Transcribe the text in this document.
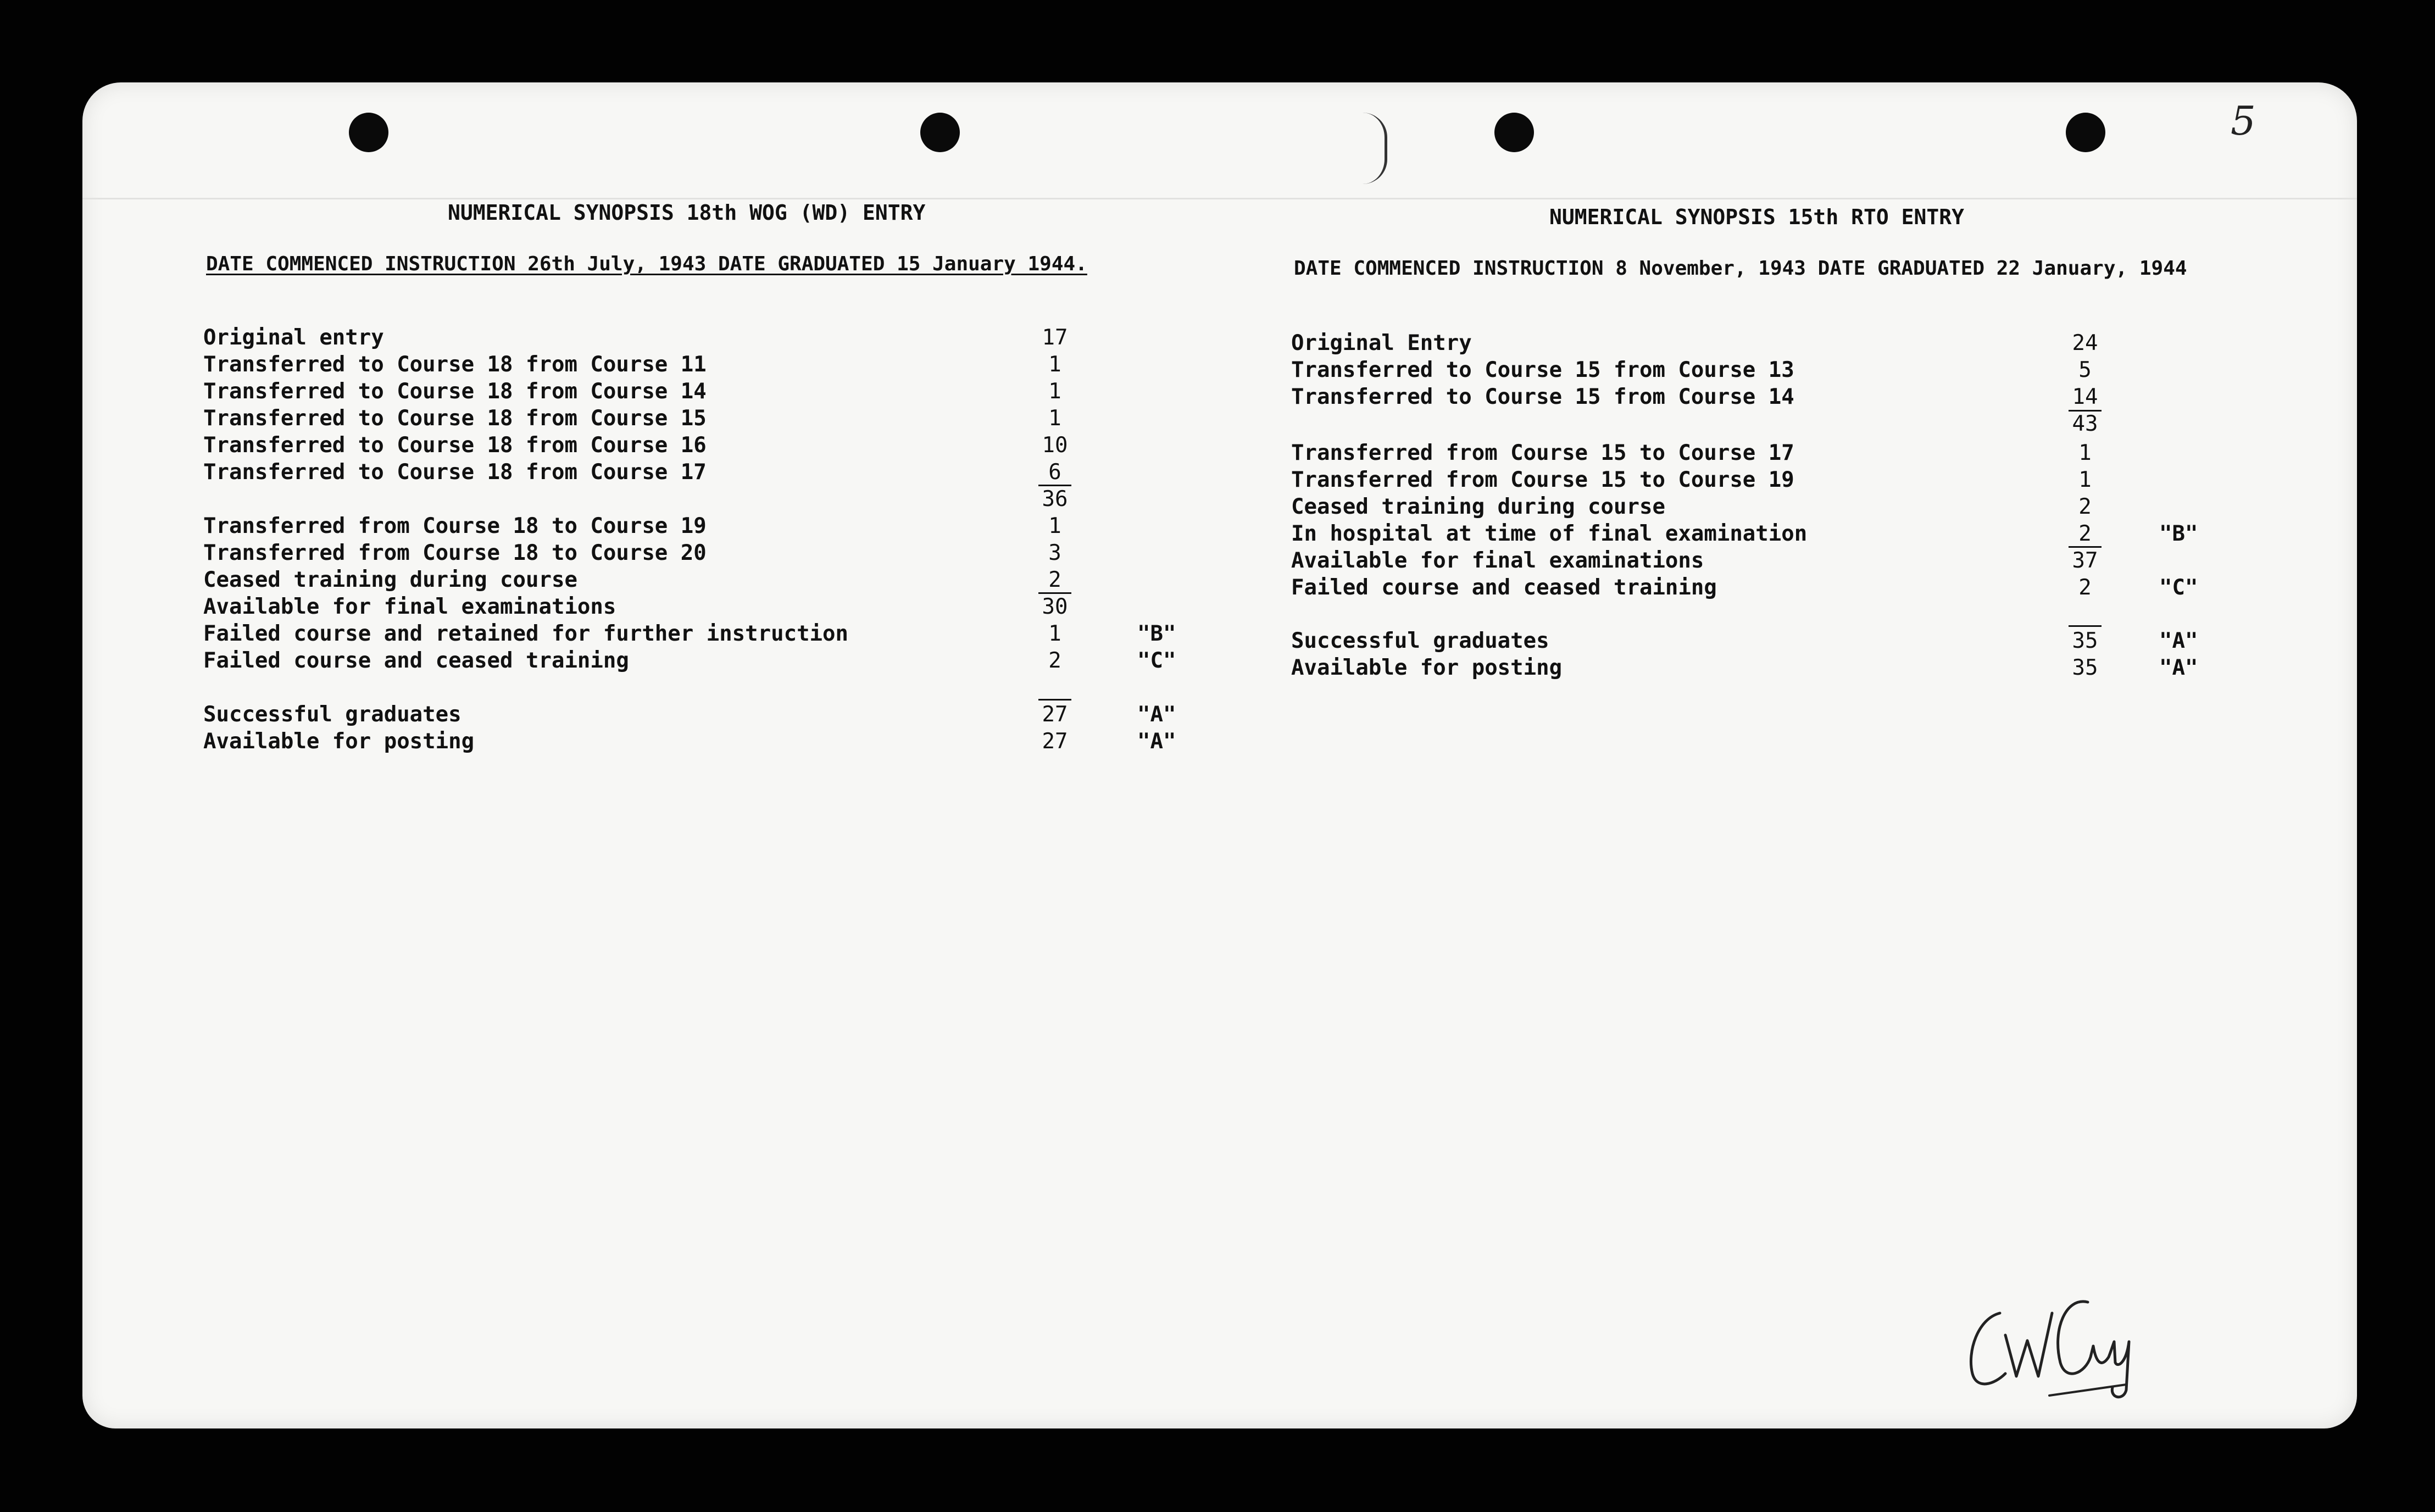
5
NUMERICAL SYNOPSIS 18th WOG (WD) ENTRY
DATE COMMENCED INSTRUCTION 26th July, 1943 DATE GRADUATED 15 January 1944.
Original entry	17
Transferred to Course 18 from Course 11	1
Transferred to Course 18 from Course 14	1
Transferred to Course 18 from Course 15	1
Transferred to Course 18 from Course 16	10
Transferred to Course 18 from Course 17	6
36
Transferred from Course 18 to Course 19	1
Transferred from Course 18 to Course 20	3
Ceased training during course	2
Available for final examinations	30
Failed course and retained for further instruction	1	"B"
Failed course and ceased training	2	"C"
Successful graduates	27	"A"
Available for posting	27	"A"
NUMERICAL SYNOPSIS 15th RTO ENTRY
DATE COMMENCED INSTRUCTION 8 November, 1943 DATE GRADUATED 22 January, 1944
Original Entry	24
Transferred to Course 15 from Course 13	5
Transferred to Course 15 from Course 14	14
43
Transferred from Course 15 to Course 17	1
Transferred from Course 15 to Course 19	1
Ceased training during course	2
In hospital at time of final examination	2	"B"
Available for final examinations	37
Failed course and ceased training	2	"C"
Successful graduates	35	"A"
Available for posting	35	"A"
